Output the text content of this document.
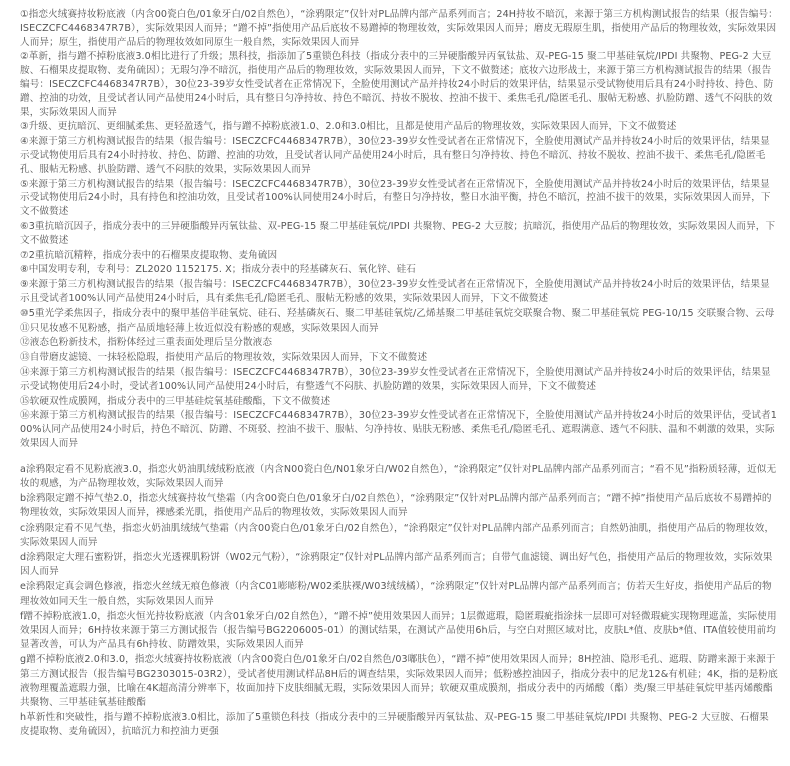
①指恋火绒赛持妆粉底液（内含00瓷白色/01象牙白/02自然色），“涂鸦限定”仅针对PL品牌内部产品系列而言；24H持妆不暗沉，来源于第三方机构测试报告的结果（报告编号：ISECZCFC4468347R7B），实际效果因人而异；“蹭不掉”指使用产品后底妆不易蹭掉的物理妆效，实际效果因人而异；磨皮无瑕原生肌，指使用产品后的物理妆效，实际效果因人而异；原生，指使用产品后的物理妆效如同原生一般自然，实际效果因人而异

②革新，指与蹭不掉粉底液3.0相比进行了升级；黑科技，指添加了5重锁色科技（指成分表中的三异硬脂酸异丙氧钛盐、双-PEG-15 聚二甲基硅氧烷/IPDI 共聚物、PEG-2 大豆胺、石榴果皮提取物、麦角硫因）；无瑕匀净不暗沉，指使用产品后的物理妆效，实际效果因人而异，下文不做赘述；底妆六边形战士，来源于第三方机构测试报告的结果（报告编号：ISECZCFC4468347R7B），30位23-39岁女性受试者在正常情况下，全脸使用测试产品并持妆24小时后的效果评估，结果显示受试物使用后具有24小时持妆、持色、防蹭、控油的功效，且受试者认同产品使用24小时后，具有整日匀净持妆、持色不暗沉、持妆不脱妆、控油不拔干、柔焦毛孔/隐匿毛孔、服帖无粉感、扒脸防蹭、透气不闷肤的效果，实际效果因人而异

③升级、更抗暗沉、更细腻柔焦、更轻盈透气，指与蹭不掉粉底液1.0、2.0和3.0相比，且都是使用产品后的物理妆效，实际效果因人而异，下文不做赘述

④来源于第三方机构测试报告的结果（报告编号：ISECZCFC4468347R7B），30位23-39岁女性受试者在正常情况下，全脸使用测试产品并持妆24小时后的效果评估，结果显示受试物使用后具有24小时持妆、持色、防蹭、控油的功效，且受试者认同产品使用24小时后，具有整日匀净持妆、持色不暗沉、持妆不脱妆、控油不拔干、柔焦毛孔/隐匿毛孔、服帖无粉感、扒脸防蹭、透气不闷肤的效果，实际效果因人而异

⑤来源于第三方机构测试报告的结果（报告编号：ISECZCFC4468347R7B），30位23-39岁女性受试者在正常情况下，全脸使用测试产品并持妆24小时后的效果评估，结果显示受试物使用后24小时，具有持色和控油功效，且受试者100%认同使用24小时后，有整日匀净持妆，整日水油平衡，持色不暗沉，控油不拔干的效果，实际效果因人而异，下文不做赘述

⑥3重抗暗沉因子，指成分表中的三异硬脂酸异丙氧钛盐、双-PEG-15 聚二甲基硅氧烷/IPDI 共聚物、PEG-2 大豆胺；抗暗沉，指使用产品后的物理妆效，实际效果因人而异，下文不做赘述

⑦2重抗暗沉精粹，指成分表中的石榴果皮提取物、麦角硫因

⑧中国发明专利，专利号：ZL2020 1152175. X；指成分表中的羟基磷灰石、氧化锌、硅石

⑨来源于第三方机构测试报告的结果（报告编号：ISECZCFC4468347R7B），30位23-39岁女性受试者在正常情况下，全脸使用测试产品并持妆24小时后的效果评估，结果显示且受试者100%认同产品使用24小时后，具有柔焦毛孔/隐匿毛孔、服帖无粉感的效果，实际效果因人而异，下文不做赘述

⑩5重光学柔焦因子，指成分表中的聚甲基倍半硅氧烷、硅石、羟基磷灰石、聚二甲基硅氧烷/乙烯基聚二甲基硅氧烷交联聚合物、聚二甲基硅氧烷 PEG-10/15 交联聚合物、云母

⑪只见妆感不见粉感，指产品质地轻薄上妆近似没有粉感的观感，实际效果因人而异

⑫液态色粉新技术，指粉体经过三重表面处理后呈分散液态

⑬自带磨皮滤镜、一抹轻松隐瑕，指使用产品后的物理妆效，实际效果因人而异，下文不做赘述

⑭来源于第三方机构测试报告的结果（报告编号：ISECZCFC4468347R7B），30位23-39岁女性受试者在正常情况下，全脸使用测试产品并持妆24小时后的效果评估，结果显示受试物使用后24小时，受试者100%认同产品使用24小时后，有整透气不闷肤、扒脸防蹭的效果，实际效果因人而异，下文不做赘述

⑮软硬双性成膜网，指成分表中的三甲基硅烷氧基硅酸酯，下文不做赘述

⑯来源于第三方机构测试报告的结果（报告编号：ISECZCFC4468347R7B），30位23-39岁女性受试者在正常情况下，全脸使用测试产品并持妆24小时后的效果评估，受试者100%认同产品使用24小时后，持色不暗沉、防蹭、不斑驳、控油不拔干、服帖、匀净持妆、贴肤无粉感、柔焦毛孔/隐匿毛孔、遮瑕满意、透气不闷肤、温和不刺激的效果，实际效果因人而异

a涂鸦限定看不见粉底液3.0，指恋火奶油肌绒绒粉底液（内含N00瓷白色/N01象牙白/W02自然色），“涂鸦限定”仅针对PL品牌内部产品系列而言；“看不见”指粉质轻薄，近似无妆的观感，为产品物理妆效，实际效果因人而异

b涂鸦限定蹭不掉气垫2.0，指恋火绒赛持妆气垫霜（内含00瓷白色/01象牙白/02自然色），“涂鸦限定”仅针对PL品牌内部产品系列而言；“蹭不掉”指使用产品后底妆不易蹭掉的物理妆效，实际效果因人而异，裸感柔光肌，指使用产品后的物理妆效，实际效果因人而异

c涂鸦限定看不见气垫，指恋火奶油肌绒绒气垫霜（内含00瓷白色/01象牙白/02自然色），“涂鸦限定”仅针对PL品牌内部产品系列而言；自然奶油肌，指使用产品后的物理妆效，实际效果因人而异

d涂鸦限定大理石蜜粉饼，指恋火光透裸肌粉饼（W02元气粉），“涂鸦限定”仅针对PL品牌内部产品系列而言；自带气血滤镜、调出好气色，指使用产品后的物理妆效，实际效果因人而异

e涂鸦限定真会调色修液，指恋火丝绒无痕色修液（内含C01嘭嘭粉/W02柔肤裸/W03绒绒橘），“涂鸦限定”仅针对PL品牌内部产品系列而言；仿若天生好皮，指使用产品后的物理妆效如同天生一般自然，实际效果因人而异

f蹭不掉粉底液1.0，指恋火恒光持妆粉底液（内含01象牙白/02自然色），“蹭不掉”使用效果因人而异；1层微遮瑕，隐匿瑕疵指涂抹一层即可对轻微瑕疵实现物理遮盖，实际使用效果因人而异；6H持妆来源于第三方测试报告（报告编号BG2206005-01）的测试结果，在测试产品使用6h后，与空白对照区域对比，皮肤L*值、皮肤b*值、ITA值较使用前均显著改善，可认为产品具有6h持妆、防蹭效果，实际效果因人而异

g蹭不掉粉底液2.0和3.0，指恋火绒赛持妆粉底液（内含00瓷白色/01象牙白/02自然色/03嘟肤色），“蹭不掉”使用效果因人而异；8H控油、隐形毛孔、遮瑕、防蹭来源于来源于第三方测试报告（报告编号BG2303015-03R2），受试者使用测试样品8H后的调查结果，实际效果因人而异；低粉感控油因子，指成分表中的尼龙12&有机硅；4K，指的是粉底液物理覆盖遮瑕力强，比喻在4K超高清分辨率下，妆面加持下皮肤细腻无瑕，实际效果因人而异；软硬双重成膜剂，指成分表中的丙烯酸（酯）类/聚三甲基硅氧烷甲基丙烯酸酯共聚物、三甲基硅氧基硅酸酯

h革新性和突破性，指与蹭不掉粉底液3.0相比，添加了5重锁色科技（指成分表中的三异硬脂酸异丙氧钛盐、双-PEG-15 聚二甲基硅氧烷/IPDI 共聚物、PEG-2 大豆胺、石榴果皮提取物、麦角硫因），抗暗沉力和控油力更强
